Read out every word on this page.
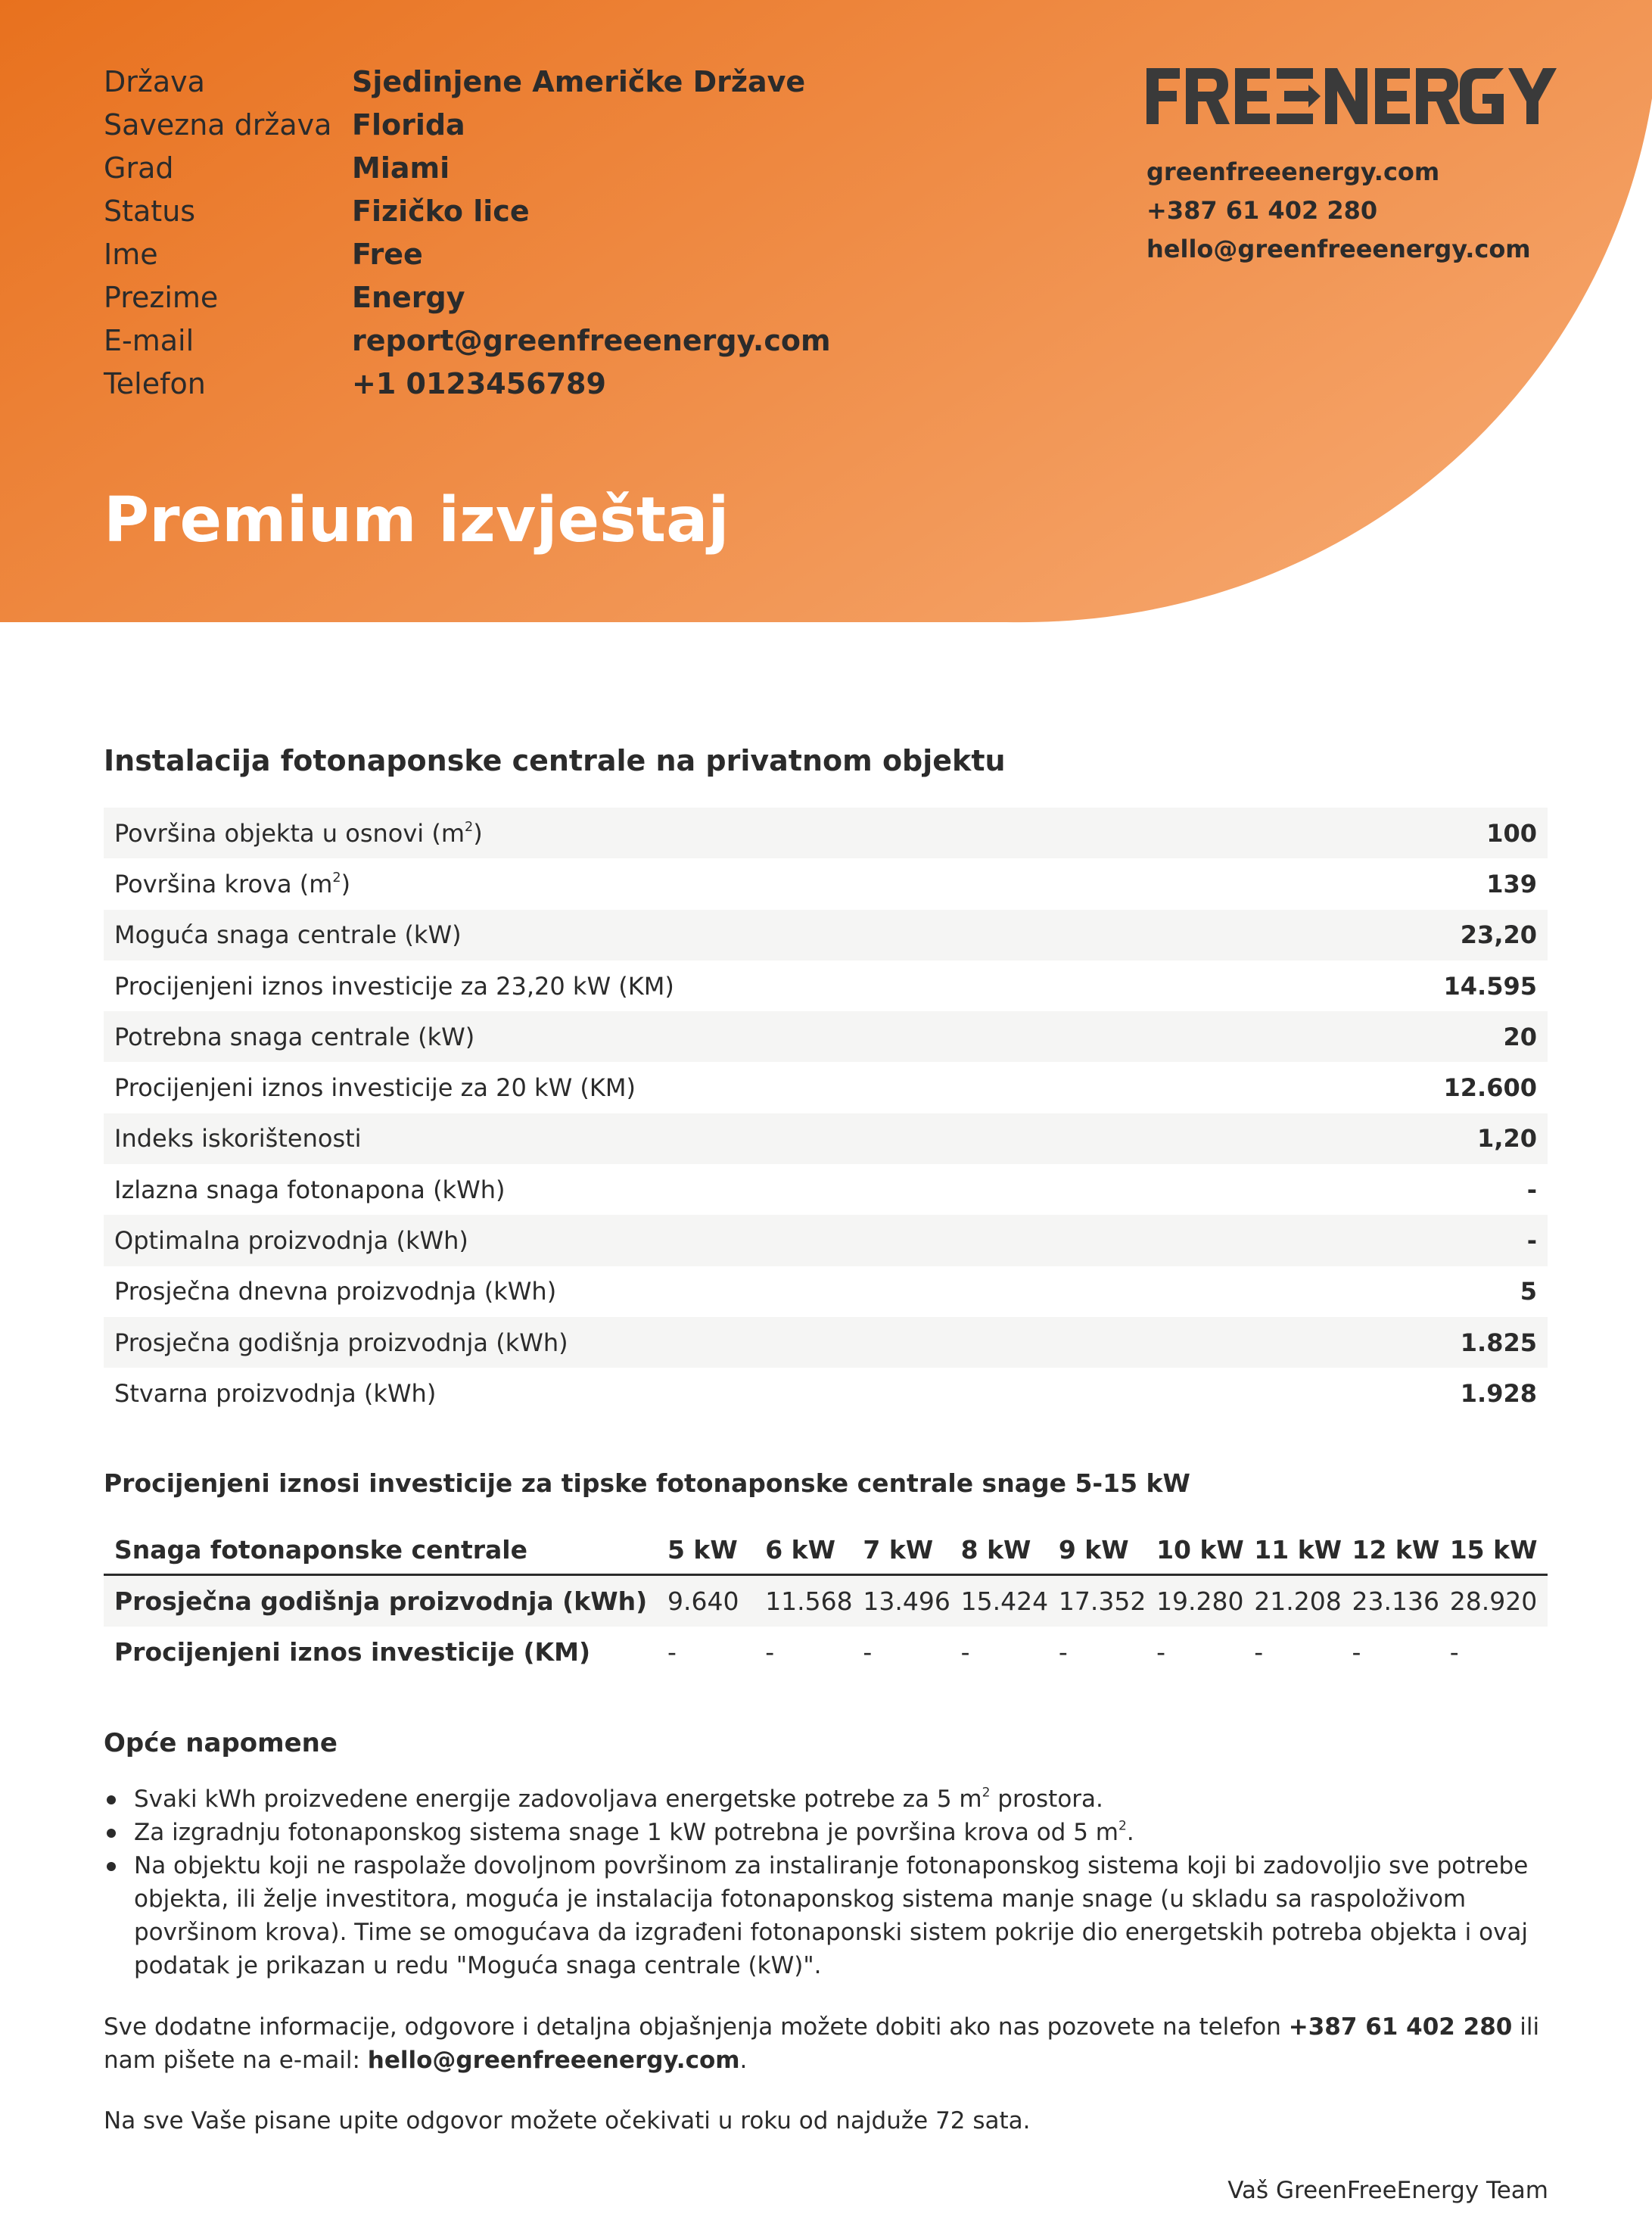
Država	Sjedinjene Američke Države
Savezna država Florida
Grad	Miami
Status	Fizičko lice
Ime	Free
Prezime	Energy
E-mail	report@greenfreeenergy.com
Telefon	+1 0123456789
greenfreeenergy.com
+387 61 402 280
hello@greenfreeenergy.com
Premium izvještaj
Instalacija fotonaponske centrale na privatnom objektu
Površina objekta u osnovi $(m^2)$	100
Površina krova $(m^2)$	139
Moguća snaga centrale (kW)	23,20
Procijenjeni iznos investicije za 23,20 kW (KM)	14.595
Potrebna snaga centrale (kW)	20
Procijenjeni iznos investicije za 20 kW (KM)	12.600
Indeks iskorištenosti	1,20
Izlazna snaga fotonapona (kWh)	-
Optimalna proizvodnja (kWh)	-
Prosječna dnevna proizvodnja (kWh)	5
Prosječna godišnja proizvodnja (kWh)	1.825
Stvarna proizvodnja (kWh)	1.928
Procijenjeni iznosi investicije za tipske fotonaponske centrale snage 5-15 kW
Snaga fotonaponske centrale	5 kW	6 kW	7 kW	8 kW	9 kW	10 kW 11 kW 12 kW 15 kW
Prosječna godišnja proizvodnja (kWh) 9.640	11.568 13.496 15.424 17.352 19.280 21.208 23.136 28.920
Procijenjeni iznos investicije (KM)	-	-	-	-	-	-	-	-	-
Opće napomene
Svaki kWh proizvedene energije zadovoljava energetske potrebe za 5 $m^2$ prostora.
Za izgradnju fotonaponskog sistema snage 1 kW potrebna je površina krova od 5 $m^2$.
Na objektu koji ne raspolaže dovoljnom površinom za instaliranje fotonaponskog sistema koji bi zadovoljio sve potrebe objekta, ili želje investitora, moguća je instalacija fotonaponskog sistema manje snage (u skladu sa raspoloživom površinom krova). Time se omogućava da izgrađeni fotonaponski sistem pokrije dio energetskih potreba objekta i ovaj podatak je prikazan u redu "Moguća snaga centrale (kW)".
Sve dodatne informacije, odgovore i detaljna objašnjenja možete dobiti ako nas pozovete na telefon +387 61 402 280 ili nam pišete na e-mail: hello@greenfreeenergy.com.
Na sve Vaše pisane upite odgovor možete očekivati u roku od najduže 72 sata.
Vaš GreenFreeEnergy Team
